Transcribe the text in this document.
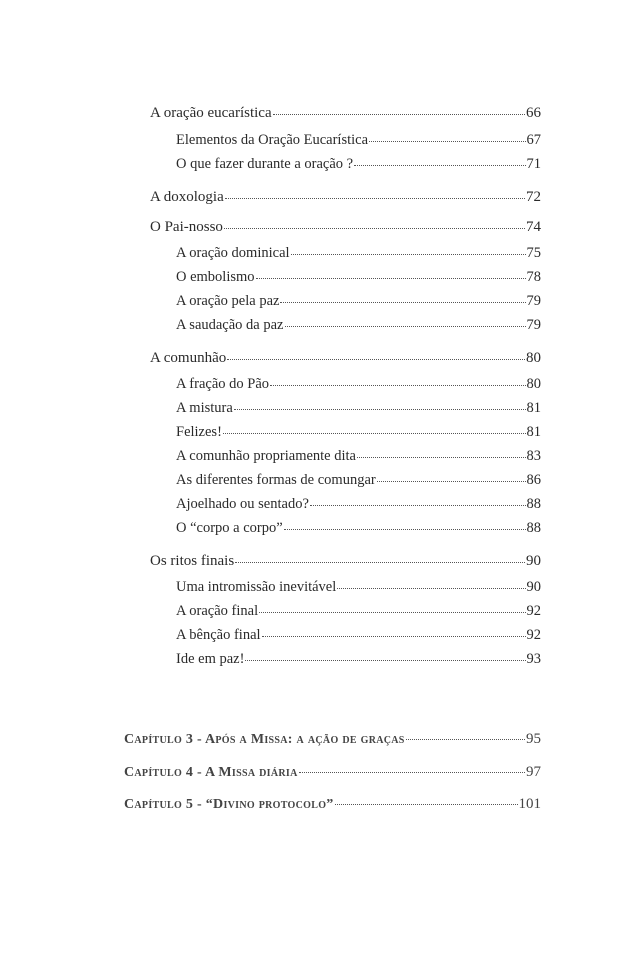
A oração eucarística	66
Elementos da Oração Eucarística	67
O que fazer durante a oração ?	71
A doxologia	72
O Pai-nosso	74
A oração dominical	75
O embolismo	78
A oração pela paz	79
A saudação da paz	79
A comunhão	80
A fração do Pão	80
A mistura	81
Felizes!	81
A comunhão propriamente dita	83
As diferentes formas de comungar	86
Ajoelhado ou sentado?	88
O “corpo a corpo”	88
Os ritos finais	90
Uma intromissão inevitável	90
A oração final	92
A bênção final	92
Ide em paz!	93
Capítulo 3 - Após a Missa: a ação de graças	95
Capítulo 4 - A Missa diária	97
Capítulo 5 - “Divino protocolo”	101
